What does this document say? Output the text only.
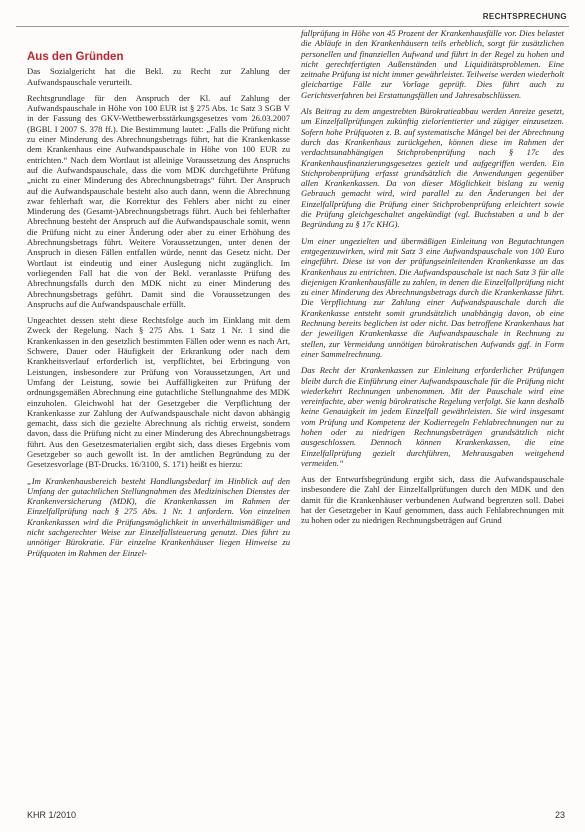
RECHTSPRECHUNG
Aus den Gründen

Das Sozialgericht hat die Bekl. zu Recht zur Zahlung der Aufwandspauschale verurteilt.

Rechtsgrundlage für den Anspruch der Kl. auf Zahlung der Aufwandspauschale in Höhe von 100 EUR ist § 275 Abs. 1c Satz 3 SGB V in der Fassung des GKV-Wettbewerbsstärkungsgesetzes vom 26.03.2007 (BGBl. I 2007 S. 378 ff.). Die Bestimmung lautet: „Falls die Prüfung nicht zu einer Minderung des Abrechnungsbetrags führt, hat die Krankenkasse dem Krankenhaus eine Aufwandspauschale in Höhe von 100 EUR zu entrichten.“ Nach dem Wortlaut ist alleinige Voraussetzung des Anspruchs auf die Aufwandspauschale, dass die vom MDK durchgeführte Prüfung „nicht zu einer Minderung des Abrechnungsbetrags“ führt. Der Anspruch auf die Aufwandspauschale besteht also auch dann, wenn die Abrechnung zwar fehlerhaft war, die Korrektur des Fehlers aber nicht zu einer Minderung des (Gesamt-)Abrechnungsbetrags führt. Auch bei fehlerhafter Abrechnung besteht der Anspruch auf die Aufwandspauschale somit, wenn die Prüfung nicht zu einer Änderung oder aber zu einer Erhöhung des Abrechnungsbetrags führt. Weitere Voraussetzungen, unter denen der Anspruch in diesen Fällen entfallen würde, nennt das Gesetz nicht. Der Wortlaut ist eindeutig und einer Auslegung nicht zugänglich. Im vorliegenden Fall hat die von der Bekl. veranlasste Prüfung des Abrechnungsfalls durch den MDK nicht zu einer Minderung des Abrechnungsbetrags geführt. Damit sind die Voraussetzungen des Anspruchs auf die Aufwandspauschale erfüllt.

Ungeachtet dessen steht diese Rechtsfolge auch im Einklang mit dem Zweck der Regelung. Nach § 275 Abs. 1 Satz 1 Nr. 1 sind die Krankenkassen in den gesetzlich bestimmten Fällen oder wenn es nach Art, Schwere, Dauer oder Häufigkeit der Erkrankung oder nach dem Krankheitsverlauf erforderlich ist, verpflichtet, bei Erbringung von Leistungen, insbesondere zur Prüfung von Voraussetzungen, Art und Umfang der Leistung, sowie bei Auffälligkeiten zur Prüfung der ordnungsgemäßen Abrechnung eine gutachtliche Stellungnahme des MDK einzuholen. Gleichwohl hat der Gesetzgeber die Verpflichtung der Krankenkasse zur Zahlung der Aufwandspauschale nicht davon abhängig gemacht, dass sich die gezielte Abrechnung als richtig erweist, sondern davon, dass die Prüfung nicht zu einer Minderung des Abrechnungsbetrags führt. Aus den Gesetzesmaterialien ergibt sich, dass dieses Ergebnis vom Gesetzgeber so auch gewollt ist. In der amtlichen Begründung zu der Gesetzesvorlage (BT-Drucks. 16/3100, S. 171) heißt es hierzu:

„Im Krankenhausbereich besteht Handlungsbedarf im Hinblick auf den Umfang der gutachtlichen Stellungnahmen des Medizinischen Dienstes der Krankenversicherung (MDK), die Krankenkassen im Rahmen der Einzelfallprüfung nach § 275 Abs. 1 Nr. 1 anfordern. Von einzelnen Krankenkassen wird die Prüfungsmöglichkeit in unverhältnismäßiger und nicht sachgerechter Weise zur Einzelfallsteuerung genutzt. Dies führt zu unnötiger Bürokratie. Für einzelne Krankenhäuser liegen Hinweise zu Prüfquoten im Rahmen der Einzel-

fallprüfung in Höhe von 45 Prozent der Krankenhausfälle vor. Dies belastet die Abläufe in den Krankenhäusern teils erheblich, sorgt für zusätzlichen personellen und finanziellen Aufwand und führt in der Regel zu hohen und nicht gerechtfertigten Außenständen und Liquiditätsproblemen. Eine zeitnahe Prüfung ist nicht immer gewährleistet. Teilweise werden wiederholt gleichartige Fälle zur Vorlage geprüft. Dies führt auch zu Gerichtsverfahren bei Erstattungsfällen und Jahresabschlüssen.

Als Beitrag zu dem angestrebten Bürokratieabbau werden Anreize gesetzt, um Einzelfallprüfungen zukünftig zielorientierter und zügiger einzusetzen. Sofern hohe Prüfquoten z. B. auf systematische Mängel bei der Abrechnung durch das Krankenhaus zurückgehen, können diese im Rahmen der verdachtsunabhängigen Stichprobenprüfung nach § 17c des Krankenhausfinanzierungsgesetzes gezielt und aufgegriffen werden. Ein Stichprobenprüfung erfasst grundsätzlich die Anwendungen gegenüber allen Krankenkassen. Da von dieser Möglichkeit bislang zu wenig Gebrauch gemacht wird, wird parallel zu den Änderungen bei der Einzelfallprüfung die Prüfung einer Stichprobenprüfung erleichtert sowie die Prüfung gleichgeschaltet angekündigt (vgl. Buchstaben a und b der Begründung zu § 17c KHG).

Um einer ungezielten und übermäßigen Einleitung von Begutachtungen entgegenzuwirken, wird mit Satz 3 eine Aufwandspauschale von 100 Euro eingeführt. Diese ist von der prüfungseinleitenden Krankenkasse an das Krankenhaus zu entrichten. Die Aufwandspauschale ist nach Satz 3 für alle diejenigen Krankenhausfälle zu zahlen, in denen die Einzelfallprüfung nicht zu einer Minderung des Abrechnungsbetrags durch die Krankenkasse führt. Die Verpflichtung zur Zahlung einer Aufwandspauschale durch die Krankenkasse entsteht somit grundsätzlich unabhängig davon, ob eine Rechnung bereits beglichen ist oder nicht. Das betroffene Krankenhaus hat der jeweiligen Krankenkasse die Aufwandspauschale in Rechnung zu stellen, zur Vermeidung unnötigen bürokratischen Aufwands ggf. in Form einer Sammelrechnung.

Das Recht der Krankenkassen zur Einleitung erforderlicher Prüfungen bleibt durch die Einführung einer Aufwandspauschale für die Prüfung nicht wiederkehrt Rechnungen unbenommen. Mit der Pauschale wird eine vereinfachte, aber wenig bürokratische Regelung verfolgt. Sie kann deshalb keine Genauigkeit im jedem Einzelfall gewährleisten. Sie wird insgesamt vom Prüfung und Kompetenz der Kodierregeln Fehlabrechnungen nur zu hohen oder zu niedrigen Rechnungsbeträgen grundsätzlich nicht ausgeschlossen. Dennoch können Krankenkassen, die eine Einzelfallprüfung gezielt durchführen, Mehrausgaben weitgehend vermeiden.“

Aus der Entwurfsbegründung ergibt sich, dass die Aufwandspauschale insbesondere die Zahl der Einzelfallprüfungen durch den MDK und den damit für die Krankenhäuser verbundenen Aufwand begrenzen soll. Dabei hat der Gesetzgeber in Kauf genommen, dass auch Fehlabrechnungen mit zu hohen oder zu niedrigen Rechnungsbeträgen auf Grund

KHR 1/2010	23
